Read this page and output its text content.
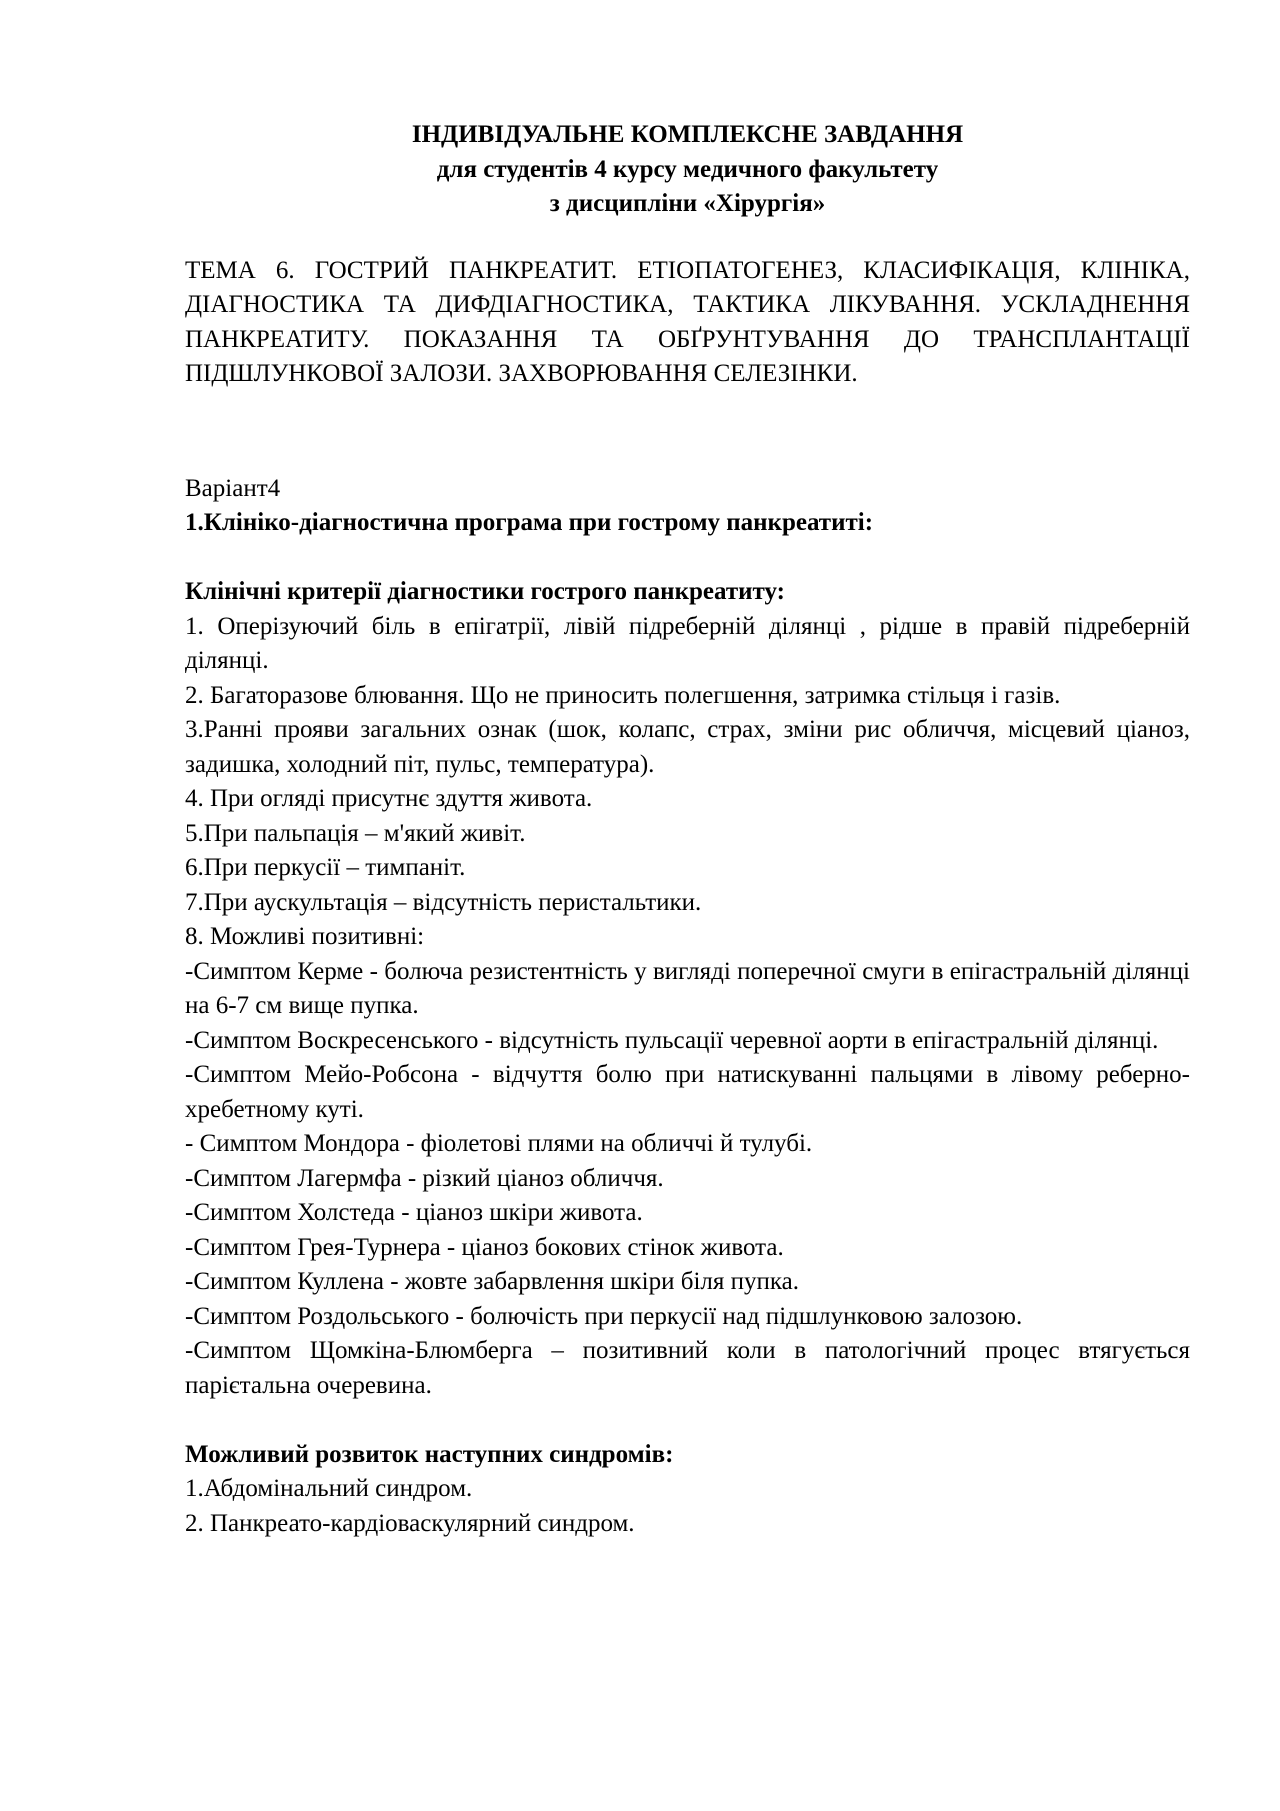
ІНДИВІДУАЛЬНЕ КОМПЛЕКСНЕ ЗАВДАННЯ
для студентів 4 курсу медичного факультету
з дисципліни «Хірургія»

ТЕМА 6. ГОСТРИЙ ПАНКРЕАТИТ. ЕТІОПАТОГЕНЕЗ, КЛАСИФІКАЦІЯ, КЛІНІКА, ДІАГНОСТИКА ТА ДИФДІАГНОСТИКА, ТАКТИКА ЛІКУВАННЯ. УСКЛАДНЕННЯ ПАНКРЕАТИТУ. ПОКАЗАННЯ ТА ОБҐРУНТУВАННЯ ДО ТРАНСПЛАНТАЦІЇ ПІДШЛУНКОВОЇ ЗАЛОЗИ. ЗАХВОРЮВАННЯ СЕЛЕЗІНКИ.

Варіант4

1.Клініко-діагностична програма при гострому панкреатиті:

Клінічні критерії діагностики гострого панкреатиту:

1. Оперізуючий біль в епігатрії, лівій підреберній ділянці , рідше в правій підреберній ділянці.

2. Багаторазове блювання. Що не приносить полегшення, затримка стільця і газів.

3.Ранні прояви загальних ознак (шок, колапс, страх, зміни рис обличчя, місцевий ціаноз, задишка, холодний піт, пульс, температура).

4. При огляді присутнє здуття живота.

5.При пальпація – м'який живіт.

6.При перкусії – тимпаніт.

7.При аускультація – відсутність перистальтики.

8. Можливі позитивні:

-Симптом Керме - болюча резистентність у вигляді поперечної смуги в епігастральній ділянці на 6-7 см вище пупка.

-Симптом Воскресенського - відсутність пульсації черевної аорти в епігастральній ділянці.

-Симптом Мейо-Робсона - відчуття болю при натискуванні пальцями в лівому реберно-хребетному куті.

- Симптом Мондора - фіолетові плями на обличчі й тулубі.

-Симптом Лагермфа - різкий ціаноз обличчя.

-Симптом Холстеда - ціаноз шкіри живота.

-Симптом Грея-Турнера - ціаноз бокових стінок живота.

-Симптом Куллена - жовте забарвлення шкіри біля пупка.

-Симптом Роздольського - болючість при перкусії над підшлунковою залозою.

-Симптом Щомкіна-Блюмберга – позитивний коли в патологічний процес втягується парієтальна очеревина.

Можливий розвиток наступних синдромів:

1.Абдомінальний синдром.

2. Панкреато-кардіоваскулярний синдром.
